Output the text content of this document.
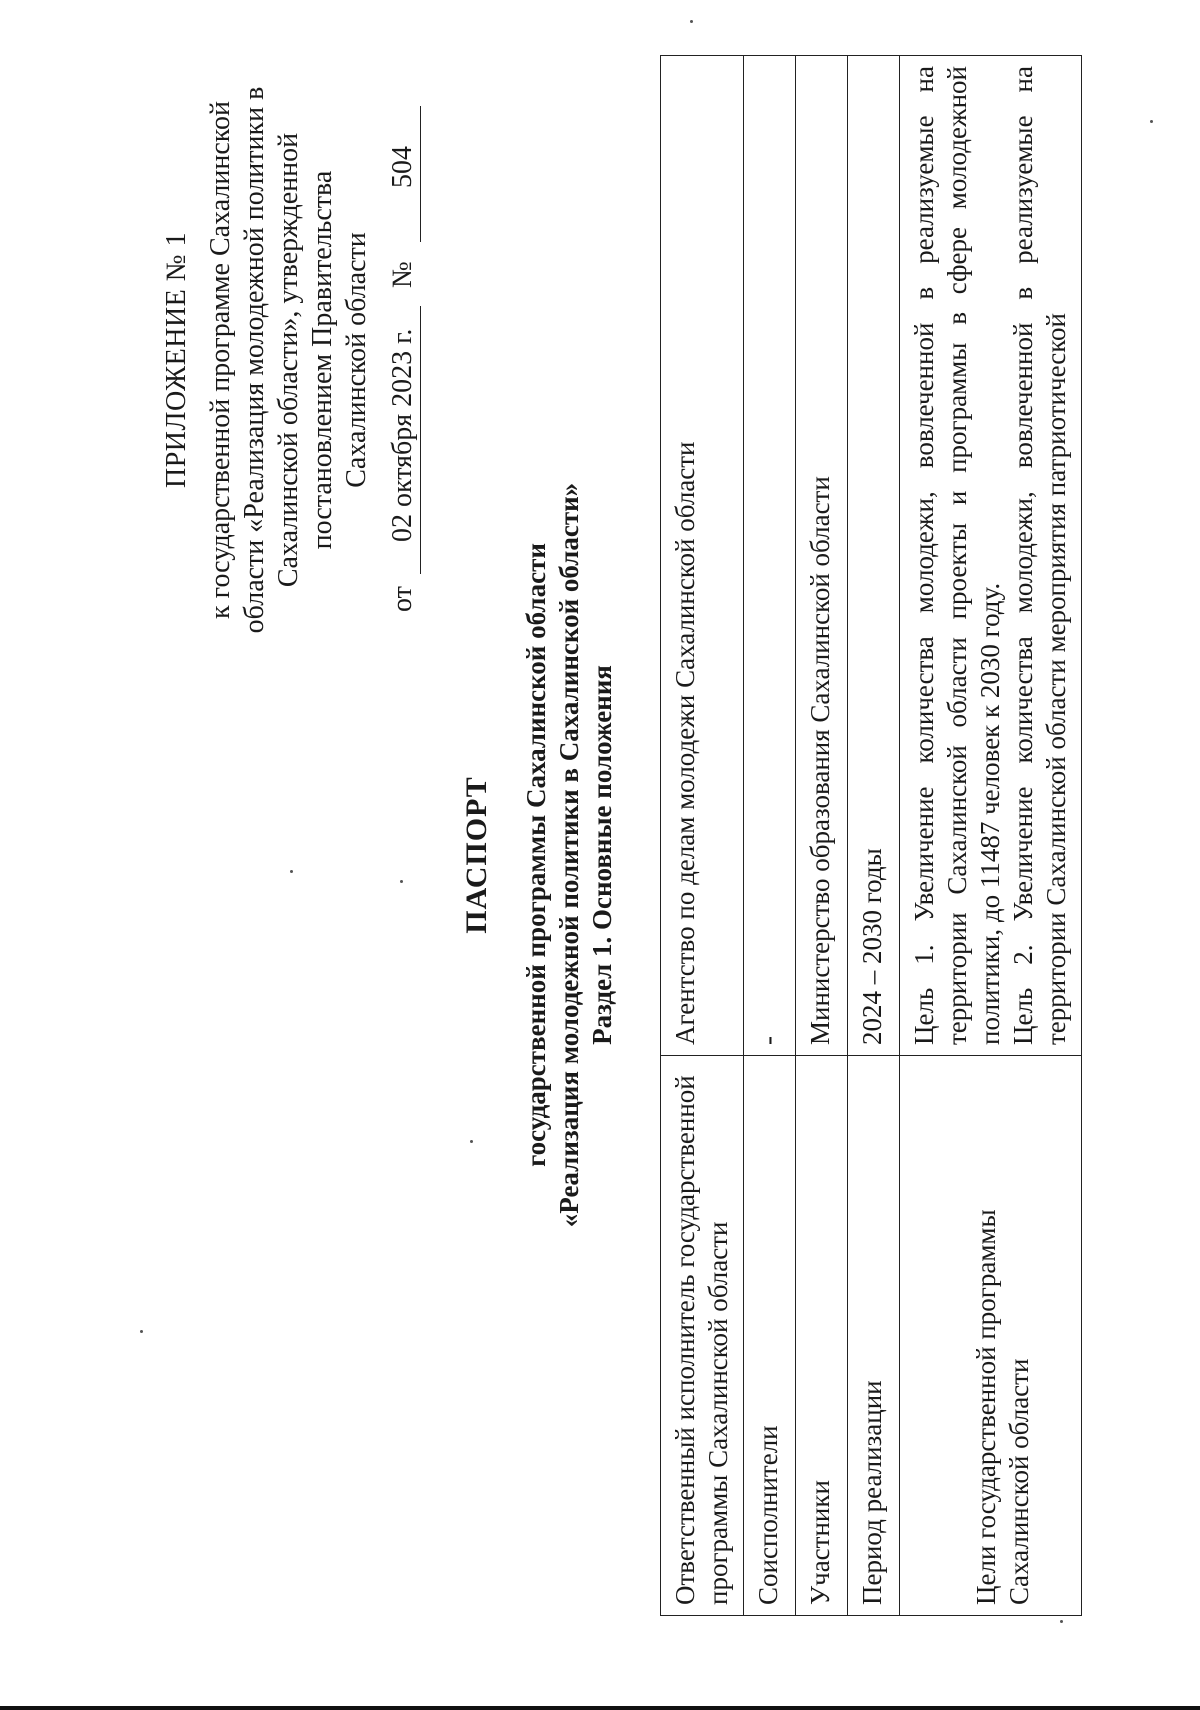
ПРИЛОЖЕНИЕ № 1 к государственной программе Сахалинской области «Реализация молодежной политики в Сахалинской области», утвержденной постановлением Правительства Сахалинской области
от
02 октября 2023 г.
№
504
ПАСПОРТ государственной программы Сахалинской области «Реализация молодежной политики в Сахалинской области» Раздел 1. Основные положения
Ответственный исполнитель государственной программы Сахалинской области	Агентство по делам молодежи Сахалинской области
Соисполнители	-
Участники	Министерство образования Сахалинской области
Период реализации	2024 – 2030 годы

Цели государственной программы Сахалинской области	Цель 1. Увеличение количества молодежи, вовлеченной в реализуемые на территории Сахалинской области проекты и программы в сфере молодежной политики, до 11487 человек к 2030 году. Цель 2. Увеличение количества молодежи, вовлеченной в реализуемые на территории Сахалинской области мероприятия патриотической
